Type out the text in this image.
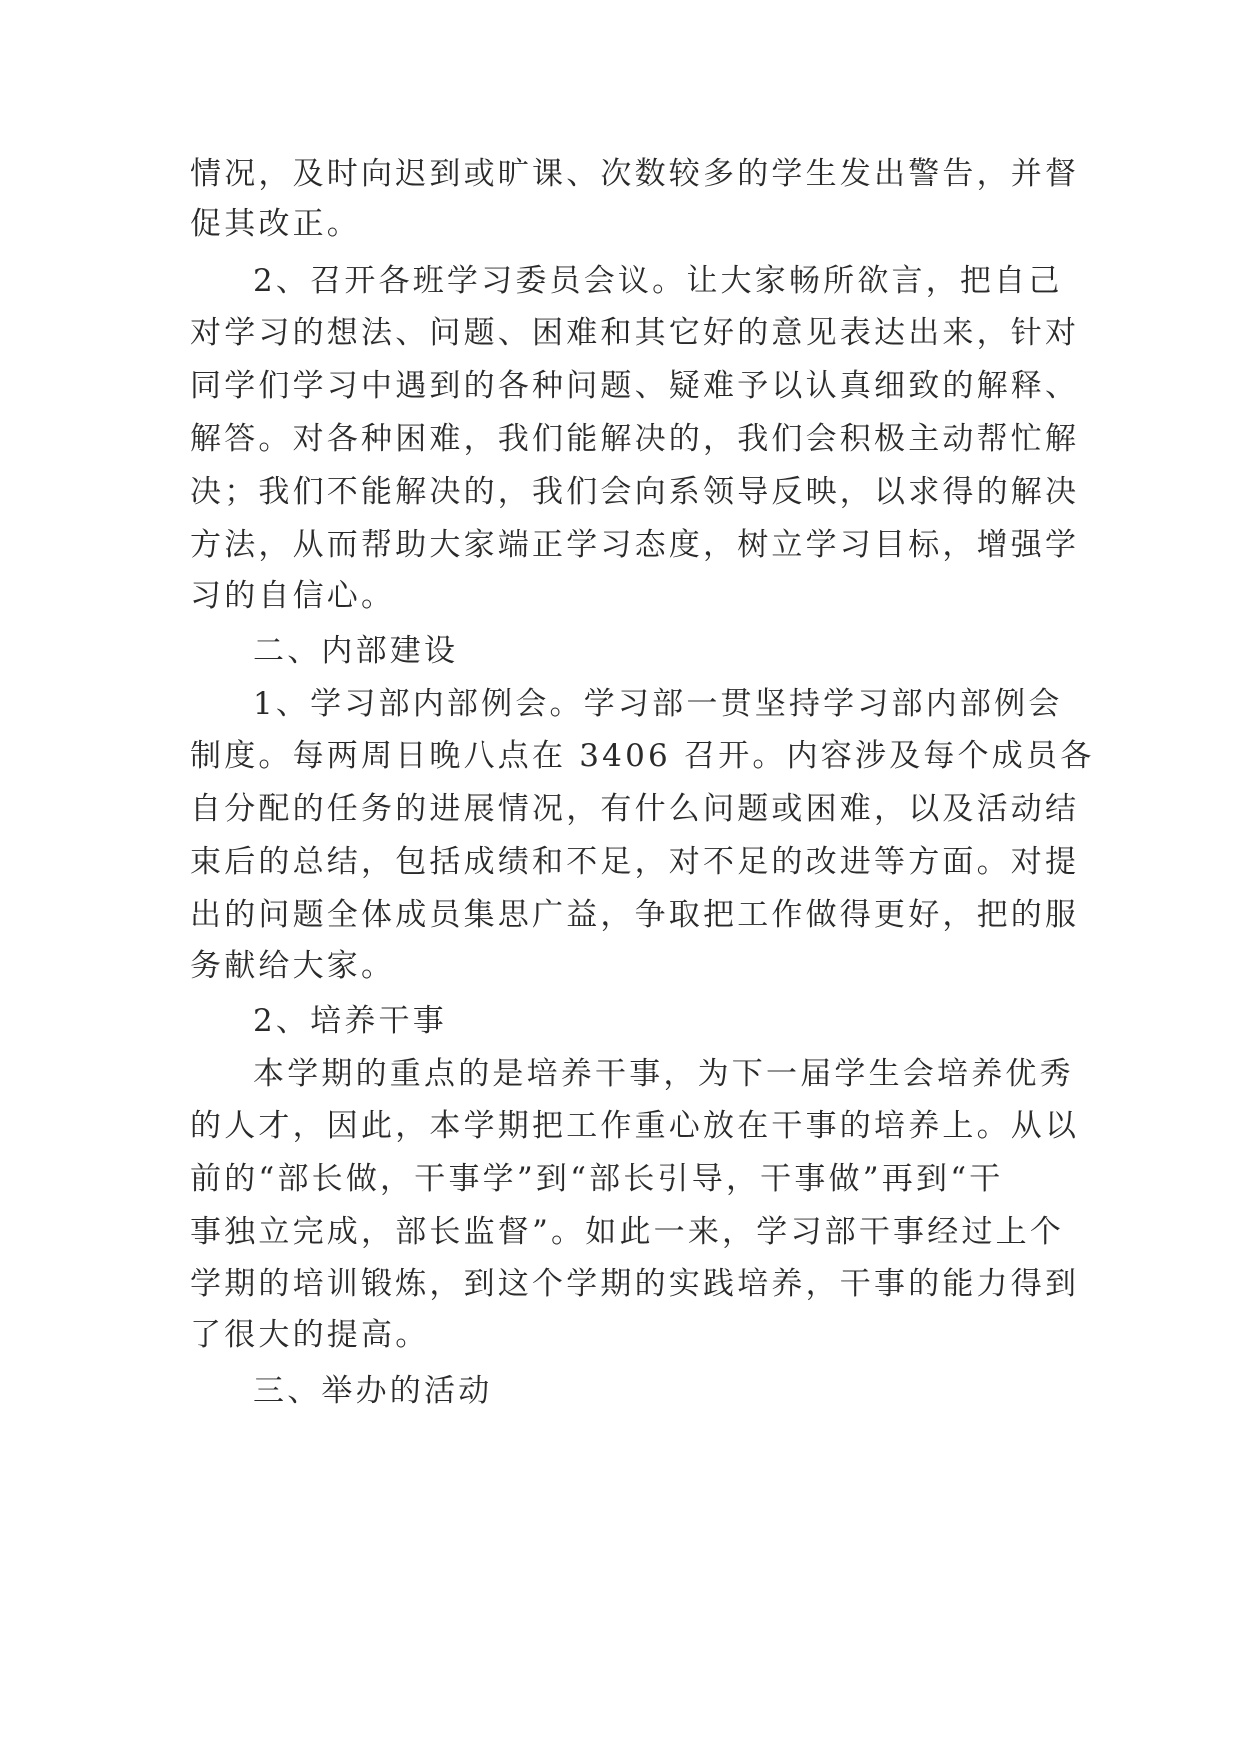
情况，及时向迟到或旷课、次数较多的学生发出警告，并督
促其改正。
2、召开各班学习委员会议。让大家畅所欲言，把自己
对学习的想法、问题、困难和其它好的意见表达出来，针对
同学们学习中遇到的各种问题、疑难予以认真细致的解释、
解答。对各种困难，我们能解决的，我们会积极主动帮忙解
决；我们不能解决的，我们会向系领导反映，以求得的解决
方法，从而帮助大家端正学习态度，树立学习目标，增强学
习的自信心。
二、内部建设
1、学习部内部例会。学习部一贯坚持学习部内部例会
制度。每两周日晚八点在 3406 召开。内容涉及每个成员各
自分配的任务的进展情况，有什么问题或困难，以及活动结
束后的总结，包括成绩和不足，对不足的改进等方面。对提
出的问题全体成员集思广益，争取把工作做得更好，把的服
务献给大家。
2、培养干事
本学期的重点的是培养干事，为下一届学生会培养优秀
的人才，因此，本学期把工作重心放在干事的培养上。从以
前的“部长做，干事学”到“部长引导，干事做”再到“干
事独立完成，部长监督”。如此一来，学习部干事经过上个
学期的培训锻炼，到这个学期的实践培养，干事的能力得到
了很大的提高。
三、举办的活动
